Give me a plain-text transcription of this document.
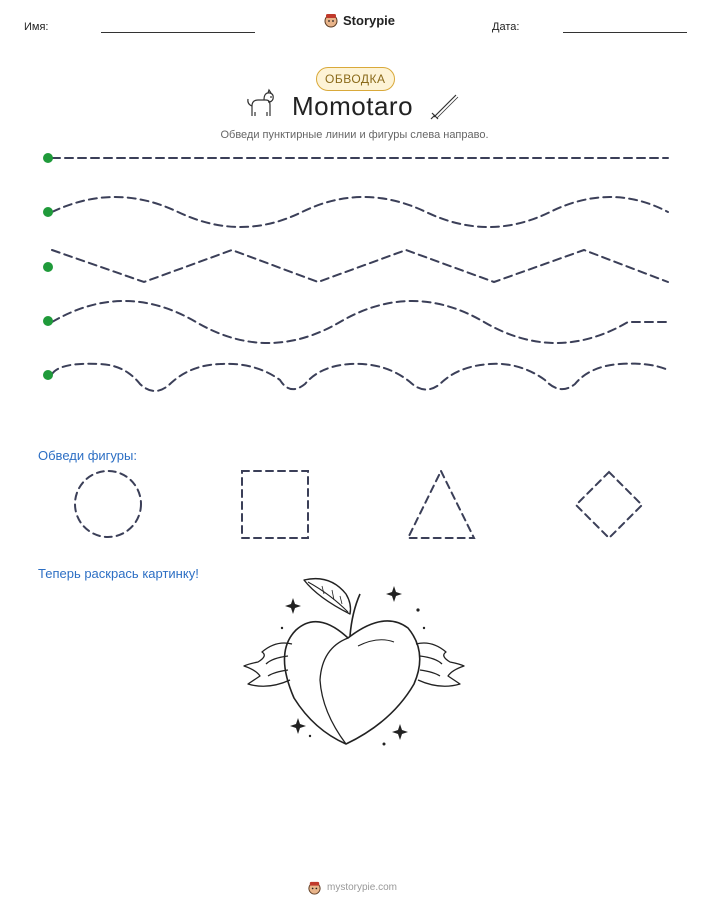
Имя:	Storypie	Дата:
ОБВОДКА
Momotaro
Обведи пунктирные линии и фигуры слева направо.
Обведи фигуры:
Теперь раскрась картинку!
mystorypie.com
